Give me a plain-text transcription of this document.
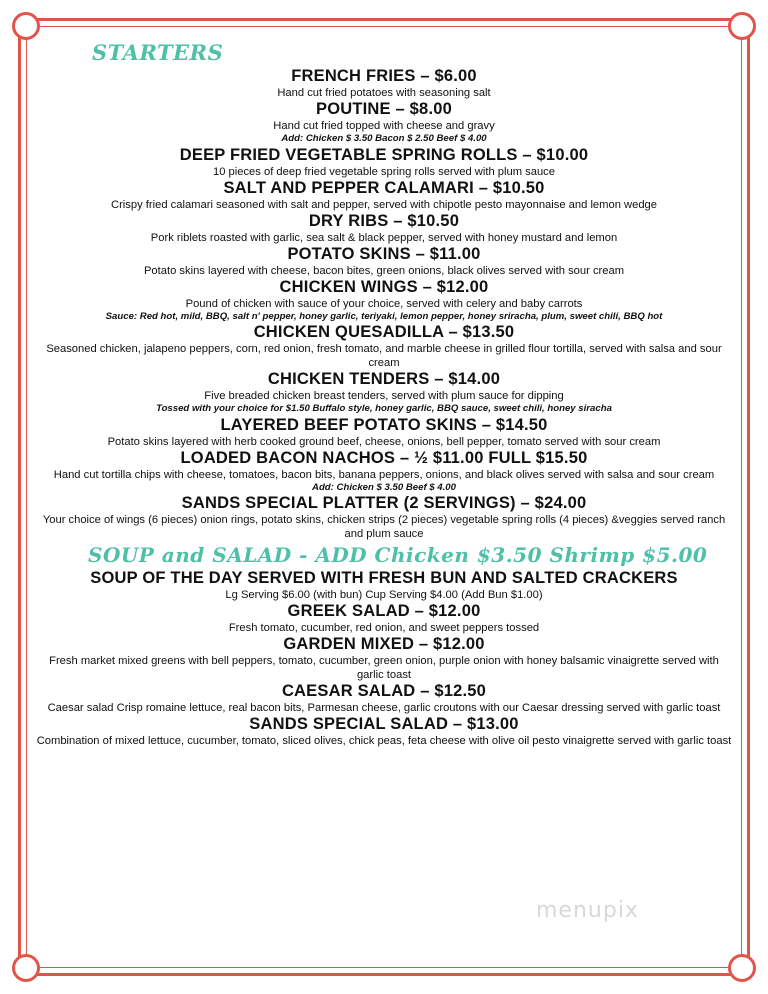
STARTERS
FRENCH FRIES – $6.00
Hand cut fried potatoes with seasoning salt
POUTINE – $8.00
Hand cut fried topped with cheese and gravy
Add: Chicken $ 3.50 Bacon $ 2.50 Beef $ 4.00
DEEP FRIED VEGETABLE SPRING ROLLS – $10.00
10 pieces of deep fried vegetable spring rolls served with plum sauce
SALT AND PEPPER CALAMARI – $10.50
Crispy fried calamari seasoned with salt and pepper, served with chipotle pesto mayonnaise and lemon wedge
DRY RIBS – $10.50
Pork riblets roasted with garlic, sea salt & black pepper, served with honey mustard and lemon
POTATO SKINS – $11.00
Potato skins layered with cheese, bacon bites, green onions, black olives served with sour cream
CHICKEN WINGS – $12.00
Pound of chicken with sauce of your choice, served with celery and baby carrots
Sauce: Red hot, mild, BBQ, salt n' pepper, honey garlic, teriyaki, lemon pepper, honey sriracha, plum, sweet chili, BBQ hot
CHICKEN QUESADILLA – $13.50
Seasoned chicken, jalapeno peppers, corn, red onion, fresh tomato, and marble cheese in grilled flour tortilla, served with salsa and sour cream
CHICKEN TENDERS – $14.00
Five breaded chicken breast tenders, served with plum sauce for dipping
Tossed with your choice for $1.50 Buffalo style, honey garlic, BBQ sauce, sweet chili, honey siracha
LAYERED BEEF POTATO SKINS – $14.50
Potato skins layered with herb cooked ground beef, cheese, onions, bell pepper, tomato served with sour cream
LOADED BACON NACHOS – ½ $11.00 FULL $15.50
Hand cut tortilla chips with cheese, tomatoes, bacon bits, banana peppers, onions, and black olives served with salsa and sour cream
Add: Chicken $ 3.50 Beef $ 4.00
SANDS SPECIAL PLATTER (2 SERVINGS) – $24.00
Your choice of wings (6 pieces) onion rings, potato skins, chicken strips (2 pieces) vegetable spring rolls (4 pieces) &veggies served ranch and plum sauce
SOUP and SALAD - ADD Chicken $3.50 Shrimp $5.00
SOUP OF THE DAY SERVED WITH FRESH BUN AND SALTED CRACKERS
Lg Serving $6.00 (with bun) Cup Serving $4.00 (Add Bun $1.00)
GREEK SALAD – $12.00
Fresh tomato, cucumber, red onion, and sweet peppers tossed
GARDEN MIXED – $12.00
Fresh market mixed greens with bell peppers, tomato, cucumber, green onion, purple onion with honey balsamic vinaigrette served with garlic toast
CAESAR SALAD – $12.50
Caesar salad Crisp romaine lettuce, real bacon bits, Parmesan cheese, garlic croutons with our Caesar dressing served with garlic toast
SANDS SPECIAL SALAD – $13.00
Combination of mixed lettuce, cucumber, tomato, sliced olives, chick peas, feta cheese with olive oil pesto vinaigrette served with garlic toast
menupix
